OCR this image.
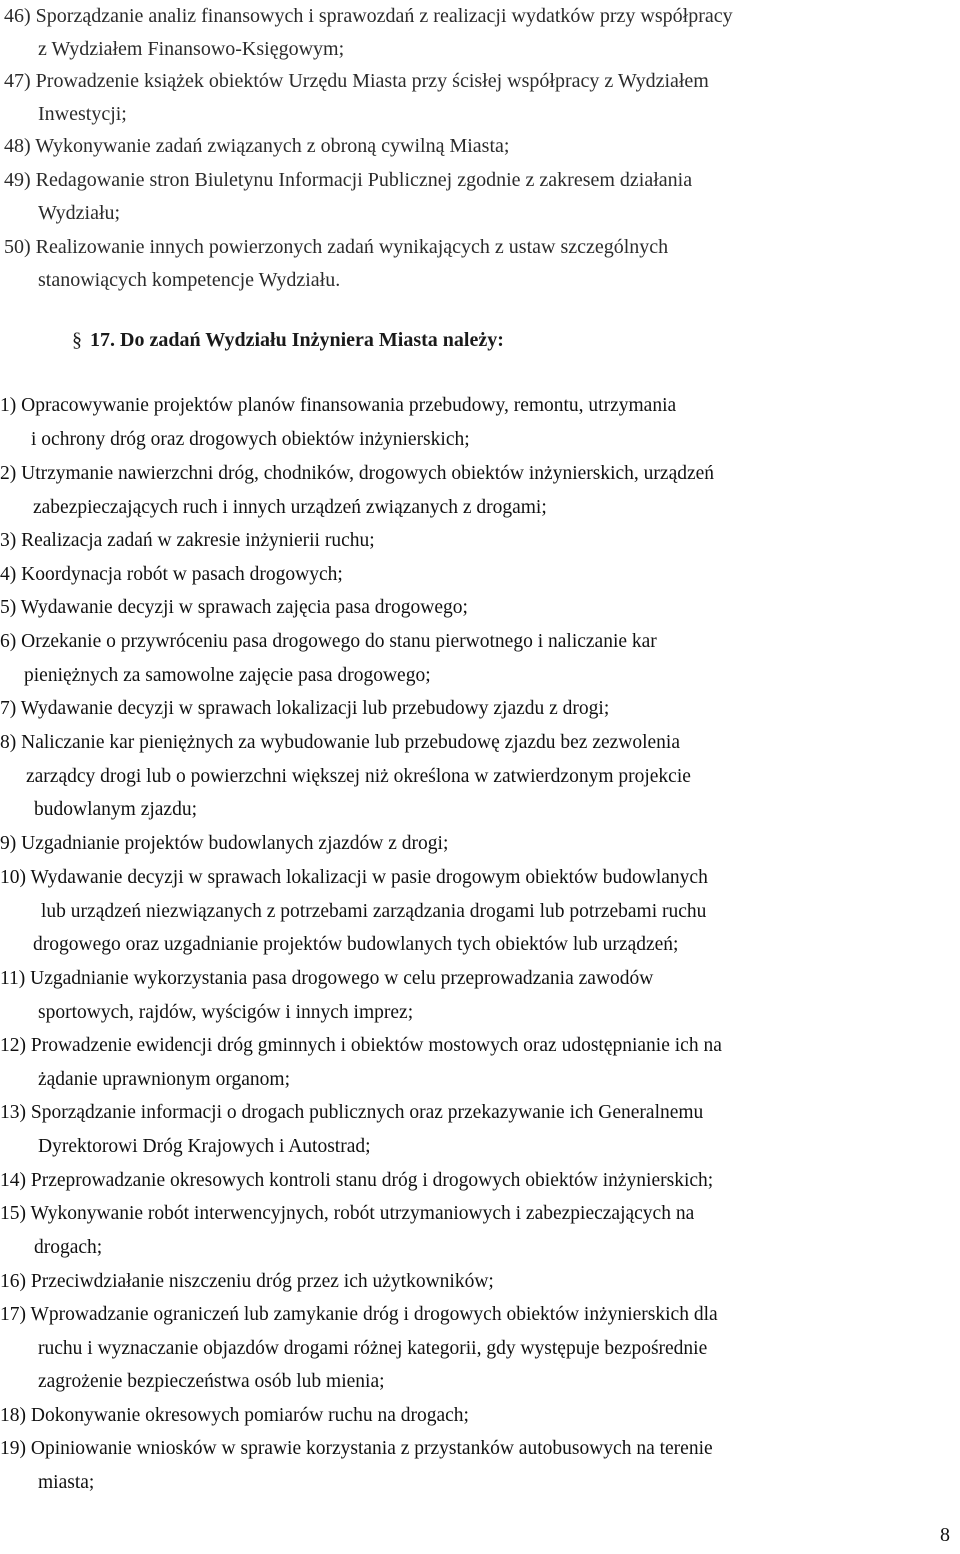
46) Sporządzanie analiz finansowych i sprawozdań z realizacji wydatków przy współpracy
z Wydziałem Finansowo-Księgowym;
47) Prowadzenie książek obiektów Urzędu Miasta przy ścisłej współpracy z Wydziałem
Inwestycji;
48) Wykonywanie zadań związanych z obroną cywilną Miasta;
49) Redagowanie stron Biuletynu Informacji Publicznej zgodnie z zakresem działania
Wydziału;
50) Realizowanie innych powierzonych zadań wynikających z ustaw szczególnych
stanowiących kompetencje Wydziału.
§ 17. Do zadań Wydziału Inżyniera Miasta należy:
1) Opracowywanie projektów planów finansowania przebudowy, remontu, utrzymania
i ochrony dróg oraz drogowych obiektów inżynierskich;
2) Utrzymanie nawierzchni dróg, chodników, drogowych obiektów inżynierskich, urządzeń
zabezpieczających ruch i innych urządzeń związanych z drogami;
3) Realizacja zadań w zakresie inżynierii ruchu;
4) Koordynacja robót w pasach drogowych;
5) Wydawanie decyzji w sprawach zajęcia pasa drogowego;
6) Orzekanie o przywróceniu pasa drogowego do stanu pierwotnego i naliczanie kar
pieniężnych za samowolne zajęcie pasa drogowego;
7) Wydawanie decyzji w sprawach lokalizacji lub przebudowy zjazdu z drogi;
8) Naliczanie kar pieniężnych za wybudowanie lub przebudowę zjazdu bez zezwolenia
zarządcy drogi lub o powierzchni większej niż określona w zatwierdzonym projekcie
budowlanym zjazdu;
9) Uzgadnianie projektów budowlanych zjazdów z drogi;
10) Wydawanie decyzji w sprawach lokalizacji w pasie drogowym obiektów budowlanych
lub urządzeń niezwiązanych z potrzebami zarządzania drogami lub potrzebami ruchu
drogowego oraz uzgadnianie projektów budowlanych tych obiektów lub urządzeń;
11) Uzgadnianie wykorzystania pasa drogowego w celu przeprowadzania zawodów
sportowych, rajdów, wyścigów i innych imprez;
12) Prowadzenie ewidencji dróg gminnych i obiektów mostowych oraz udostępnianie ich na
żądanie uprawnionym organom;
13) Sporządzanie informacji o drogach publicznych oraz przekazywanie ich Generalnemu
Dyrektorowi Dróg Krajowych i Autostrad;
14) Przeprowadzanie okresowych kontroli stanu dróg i drogowych obiektów inżynierskich;
15) Wykonywanie robót interwencyjnych, robót utrzymaniowych i zabezpieczających na
drogach;
16) Przeciwdziałanie niszczeniu dróg przez ich użytkowników;
17) Wprowadzanie ograniczeń lub zamykanie dróg i drogowych obiektów inżynierskich dla
ruchu i wyznaczanie objazdów drogami różnej kategorii, gdy występuje bezpośrednie
zagrożenie bezpieczeństwa osób lub mienia;
18) Dokonywanie okresowych pomiarów ruchu na drogach;
19) Opiniowanie wniosków w sprawie korzystania z przystanków autobusowych na terenie
miasta;
8
